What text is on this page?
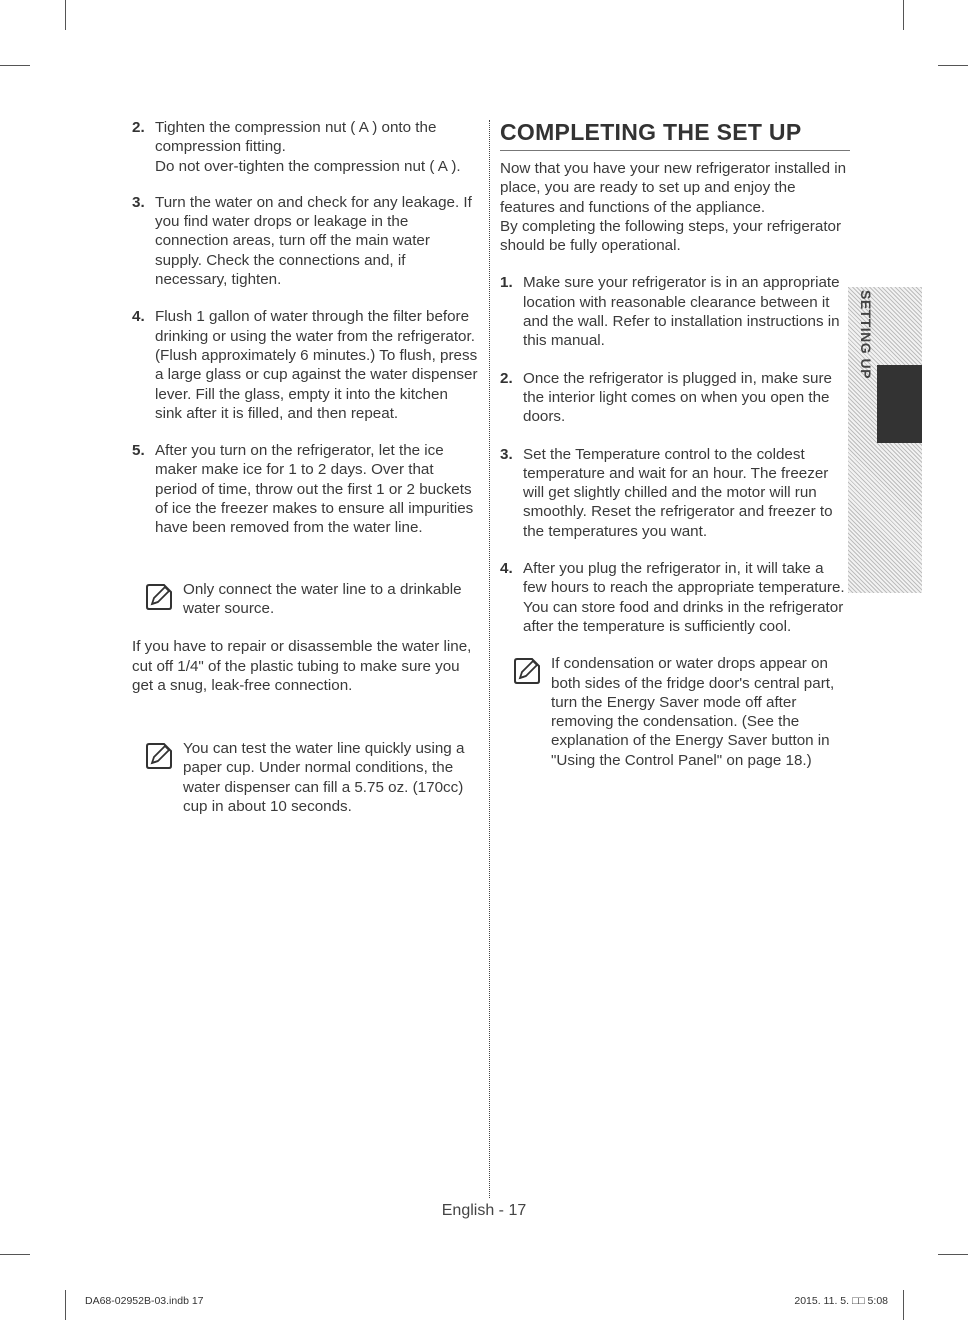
2. Tighten the compression nut ( A ) onto the compression fitting.

Do not over-tighten the compression nut ( A ).

3. Turn the water on and check for any leakage. If you find water drops or leakage in the connection areas, turn off the main water supply. Check the connections and, if necessary, tighten.

4. Flush 1 gallon of water through the filter before drinking or using the water from the refrigerator. (Flush approximately 6 minutes.) To flush, press a large glass or cup against the water dispenser lever. Fill the glass, empty it into the kitchen sink after it is filled, and then repeat.

5. After you turn on the refrigerator, let the ice maker make ice for 1 to 2 days. Over that period of time, throw out the first 1 or 2 buckets of ice the freezer makes to ensure all impurities have been removed from the water line.

Only connect the water line to a drinkable water source.

If you have to repair or disassemble the water line, cut off 1/4" of the plastic tubing to make sure you get a snug, leak-free connection.

You can test the water line quickly using a paper cup. Under normal conditions, the water dispenser can fill a 5.75 oz. (170cc) cup in about 10 seconds.

COMPLETING THE SET UP

Now that you have your new refrigerator installed in place, you are ready to set up and enjoy the features and functions of the appliance.

By completing the following steps, your refrigerator should be fully operational.

1. Make sure your refrigerator is in an appropriate location with reasonable clearance between it and the wall. Refer to installation instructions in this manual.

2. Once the refrigerator is plugged in, make sure the interior light comes on when you open the doors.

3. Set the Temperature control to the coldest temperature and wait for an hour. The freezer will get slightly chilled and the motor will run smoothly. Reset the refrigerator and freezer to the temperatures you want.

4. After you plug the refrigerator in, it will take a few hours to reach the appropriate temperature. You can store food and drinks in the refrigerator after the temperature is sufficiently cool.

If condensation or water drops appear on both sides of the fridge door's central part, turn the Energy Saver mode off after removing the condensation. (See the explanation of the Energy Saver button in "Using the Control Panel" on page 18.)

SETTING UP
English - 17
DA68-02952B-03.indb 17	2015. 11. 5. □□ 5:08
